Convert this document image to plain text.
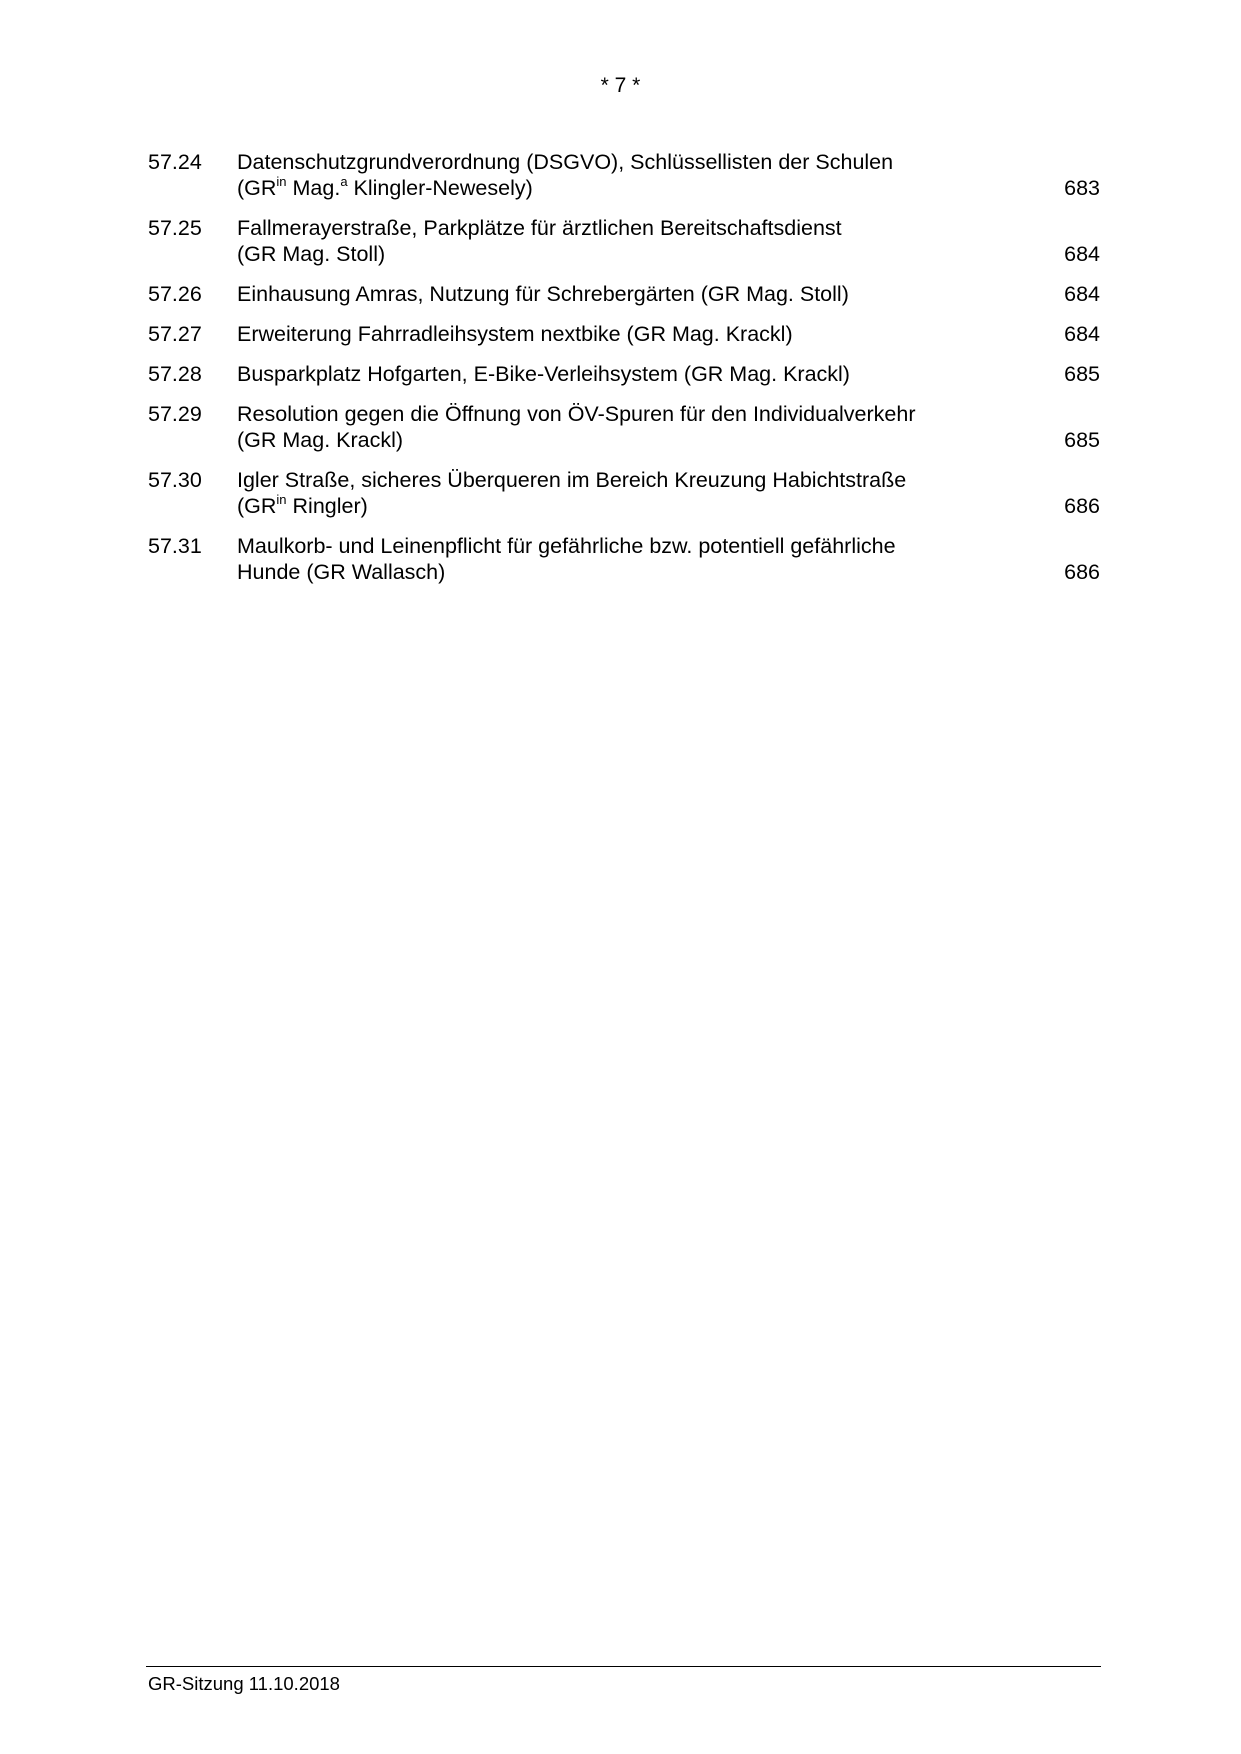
* 7 *
57.24	Datenschutzgrundverordnung (DSGVO), Schlüssellisten der Schulen
($GR^{in}$ Mag.$^a$ Klingler-Newesely)	683
57.25	Fallmerayerstraße, Parkplätze für ärztlichen Bereitschaftsdienst
(GR Mag. Stoll)	684
57.26	Einhausung Amras, Nutzung für Schrebergärten (GR Mag. Stoll)	684
57.27	Erweiterung Fahrradleihsystem nextbike (GR Mag. Krackl)	684
57.28	Busparkplatz Hofgarten, E-Bike-Verleihsystem (GR Mag. Krackl)	685
57.29	Resolution gegen die Öffnung von ÖV-Spuren für den Individualverkehr
(GR Mag. Krackl)	685
57.30	Igler Straße, sicheres Überqueren im Bereich Kreuzung Habichtstraße
($GR^{in}$ Ringler)	686
57.31	Maulkorb- und Leinenpflicht für gefährliche bzw. potentiell gefährliche
Hunde (GR Wallasch)	686
GR-Sitzung 11.10.2018
